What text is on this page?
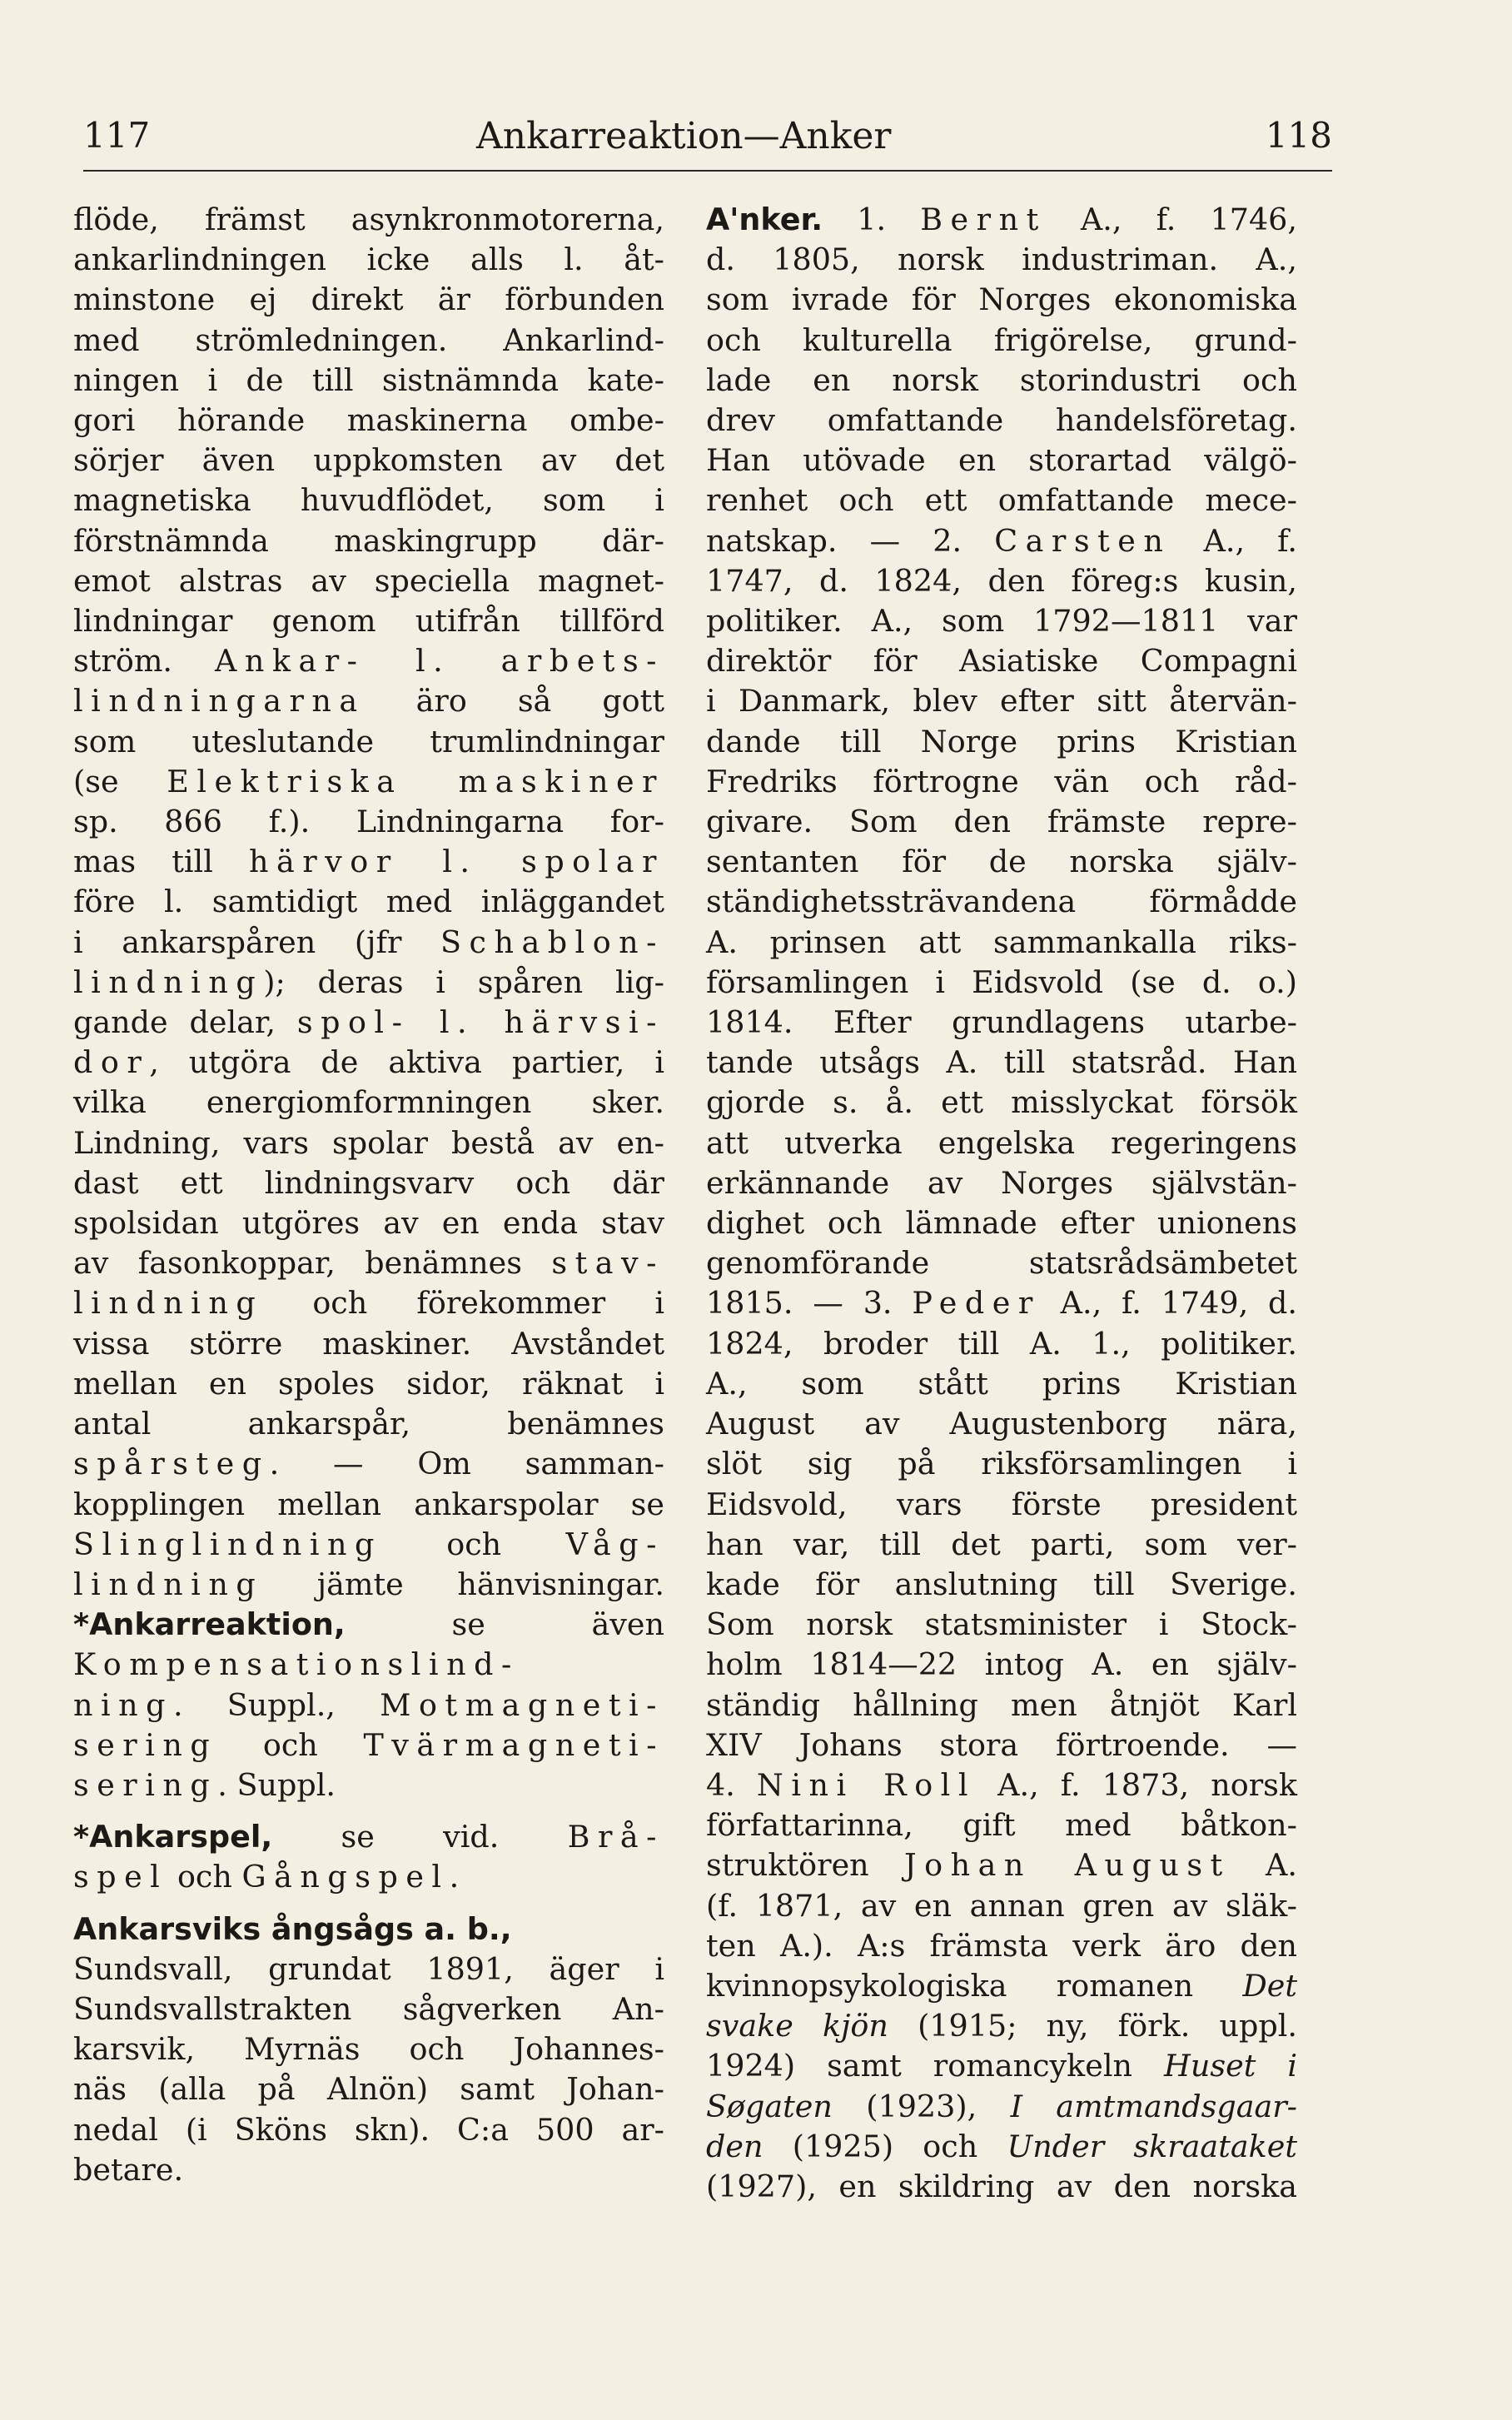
117	Ankarreaktion—Anker	118
flöde, främst asynkronmotorerna,
ankarlindningen icke alls l. åt-
minstone ej direkt är förbunden
med strömledningen. Ankarlind-
ningen i de till sistnämnda kate-
gori hörande maskinerna ombe-
sörjer även uppkomsten av det
magnetiska huvudflödet, som i
förstnämnda maskingrupp där-
emot alstras av speciella magnet-
lindningar genom utifrån tillförd
ström. Ankar- l. arbets-
lindningarna äro så gott
som uteslutande trumlindningar
(se Elektriska maskiner
sp. 866 f.). Lindningarna for-
mas till härvor l. spolar
före l. samtidigt med inläggandet
i ankarspåren (jfr Schablon-
lindning); deras i spåren lig-
gande delar, spol- l. härvsi-
dor, utgöra de aktiva partier, i
vilka energiomformningen sker.
Lindning, vars spolar bestå av en-
dast ett lindningsvarv och där
spolsidan utgöres av en enda stav
av fasonkoppar, benämnes stav-
lindning och förekommer i
vissa större maskiner. Avståndet
mellan en spoles sidor, räknat i
antal ankarspår, benämnes
spårsteg. — Om samman-
kopplingen mellan ankarspolar se
Slinglindning och Våg-
lindning jämte hänvisningar.
*Ankarreaktion,	se även
Kompensationslind-
ning. Suppl., Motmagneti-
sering och Tvärmagneti-
sering. Suppl.
*Ankarspel, se vid. Brå-
spel och Gångspel.
Ankarsviks ångsågs a. b.,
Sundsvall, grundat 1891, äger i
Sundsvallstrakten sågverken An-
karsvik, Myrnäs och Johannes-
näs (alla på Alnön) samt Johan-
nedal (i Sköns skn). C:a 500 ar-
betare.
A'nker. 1. Bernt A., f. 1746,
d. 1805, norsk industriman. A.,
som ivrade för Norges ekonomiska
och kulturella frigörelse, grund-
lade en norsk storindustri och
drev omfattande handelsföretag.
Han utövade en storartad välgö-
renhet och ett omfattande mece-
natskap. — 2. Carsten A., f.
1747, d. 1824, den föreg:s kusin,
politiker. A., som 1792—1811 var
direktör för Asiatiske Compagni
i Danmark, blev efter sitt återvän-
dande till Norge prins Kristian
Fredriks förtrogne vän och råd-
givare. Som den främste repre-
sentanten för de norska själv-
ständighetssträvandena förmådde
A. prinsen att sammankalla riks-
församlingen i Eidsvold (se d. o.)
1814. Efter grundlagens utarbe-
tande utsågs A. till statsråd. Han
gjorde s. å. ett misslyckat försök
att utverka engelska regeringens
erkännande av Norges självstän-
dighet och lämnade efter unionens
genomförande statsrådsämbetet
1815. — 3. Peder A., f. 1749, d.
1824, broder till A. 1., politiker.
A., som stått prins Kristian
August av Augustenborg nära,
slöt sig på riksförsamlingen i
Eidsvold, vars förste president
han var, till det parti, som ver-
kade för anslutning till Sverige.
Som norsk statsminister i Stock-
holm 1814—22 intog A. en själv-
ständig hållning men åtnjöt Karl
XIV Johans stora förtroende. —
4. Nini Roll A., f. 1873, norsk
författarinna, gift med båtkon-
struktören Johan August A.
(f. 1871, av en annan gren av släk-
ten A.). A:s främsta verk äro den
kvinnopsykologiska romanen Det
svake kjön (1915; ny, förk. uppl.
1924) samt romancykeln Huset i
Søgaten (1923), I amtmandsgaar-
den (1925) och Under skraataket
(1927), en skildring av den norska
